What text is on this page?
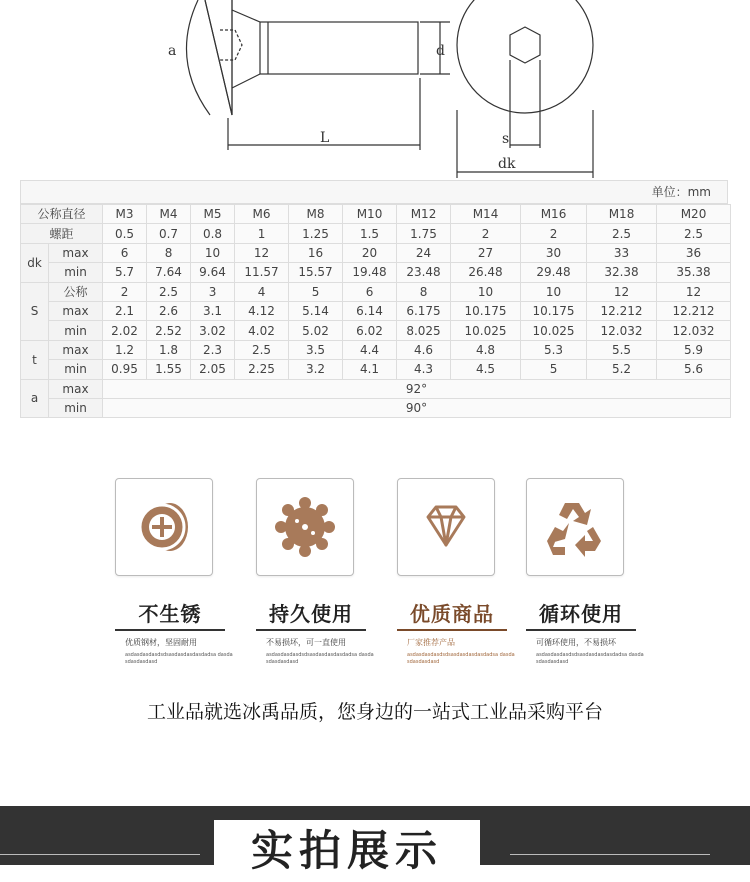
a	d
L	s
dk
单位：mm
公称直径		M3	M4	M5	M6	M8	M10	M12	M14	M16	M18	M20
螺距		0.5	0.7	0.8	1	1.25	1.5	1.75	2	2	2.5	2.5
dk	max	6	8	10	12	16	20	24	27	30	33	36
	min	5.7	7.64	9.64	11.57	15.57	19.48	23.48	26.48	29.48	32.38	35.38
S	公称	2	2.5	3	4	5	6	8	10	10	12	12
	max	2.1	2.6	3.1	4.12	5.14	6.14	6.175	10.175	10.175	12.212	12.212
	min	2.02	2.52	3.02	4.02	5.02	6.02	8.025	10.025	10.025	12.032	12.032
t	max	1.2	1.8	2.3	2.5	3.5	4.4	4.6	4.8	5.3	5.5	5.9
	min	0.95	1.55	2.05	2.25	3.2	4.1	4.3	4.5	5	5.2	5.6
a	max	92°										
	min	90°										
不生锈
优质钢材，坚固耐用
asdasdasdasdsdsasdasdasdasdadsa dasdasdasdasdasd
持久使用
不易损坏，可一直使用
asdasdasdasdsdsasdasdasdasdadsa dasdasdasdasdasd
优质商品
厂家推荐产品
asdasdasdasdsdsasdasdasdasdadsa dasdasdasdasdasd
循环使用
可循环使用，不易损坏
asdasdasdasdsdsasdasdasdasdadsa dasdasdasdasdasd
工业品就选冰禹品质，您身边的一站式工业品采购平台
实拍展示
